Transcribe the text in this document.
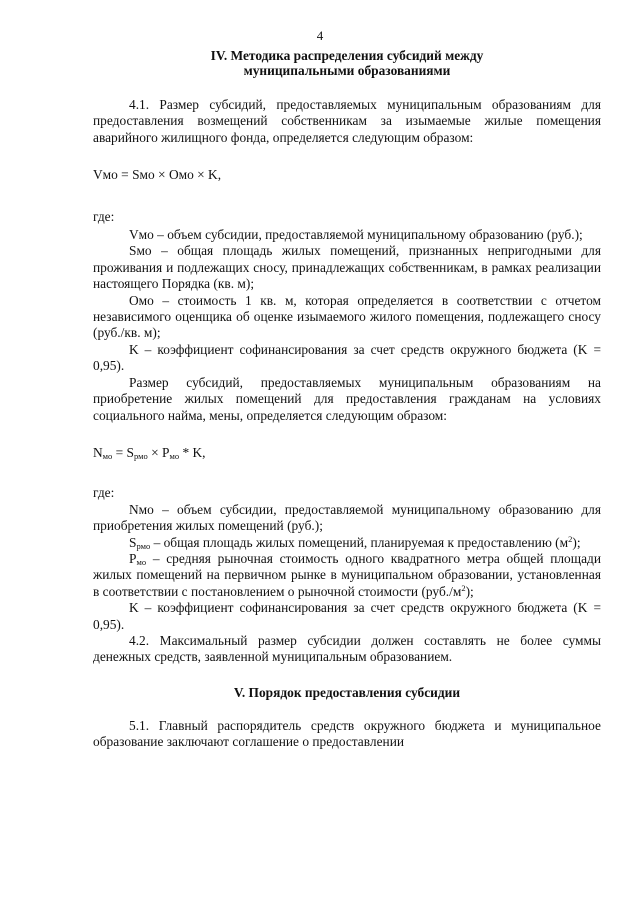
4
IV. Методика распределения субсидий между
муниципальными образованиями

4.1. Размер субсидий, предоставляемых муниципальным образованиям для предоставления возмещений собственникам за изымаемые жилые помещения аварийного жилищного фонда, определяется следующим образом:

Vмо = Sмо × Омо × K,

где:

Vмо – объем субсидии, предоставляемой муниципальному образованию (руб.);

Sмо – общая площадь жилых помещений, признанных непригодными для проживания и подлежащих сносу, принадлежащих собственникам, в рамках реализации настоящего Порядка (кв. м);

Омо – стоимость 1 кв. м, которая определяется в соответствии с отчетом независимого оценщика об оценке изымаемого жилого помещения, подлежащего сносу (руб./кв. м);

K – коэффициент софинансирования за счет средств окружного бюджета (K = 0,95).

Размер субсидий, предоставляемых муниципальным образованиям на приобретение жилых помещений для предоставления гражданам на условиях социального найма, мены, определяется следующим образом:

$N_{мо} = S_{рмо} \times P_{мо} * K$,

где:

Nмо – объем субсидии, предоставляемой муниципальному образованию для приобретения жилых помещений (руб.);

$S_{рмо}$ – общая площадь жилых помещений, планируемая к предоставлению $(м^2)$;

$P_{мо}$ – средняя рыночная стоимость одного квадратного метра общей площади жилых помещений на первичном рынке в муниципальном образовании, установленная в соответствии с постановлением о рыночной стоимости $(руб./м^2)$;

K – коэффициент софинансирования за счет средств окружного бюджета (K = 0,95).

4.2. Максимальный размер субсидии должен составлять не более суммы денежных средств, заявленной муниципальным образованием.

V. Порядок предоставления субсидии

5.1. Главный распорядитель средств окружного бюджета и муниципальное образование заключают соглашение о предоставлении
